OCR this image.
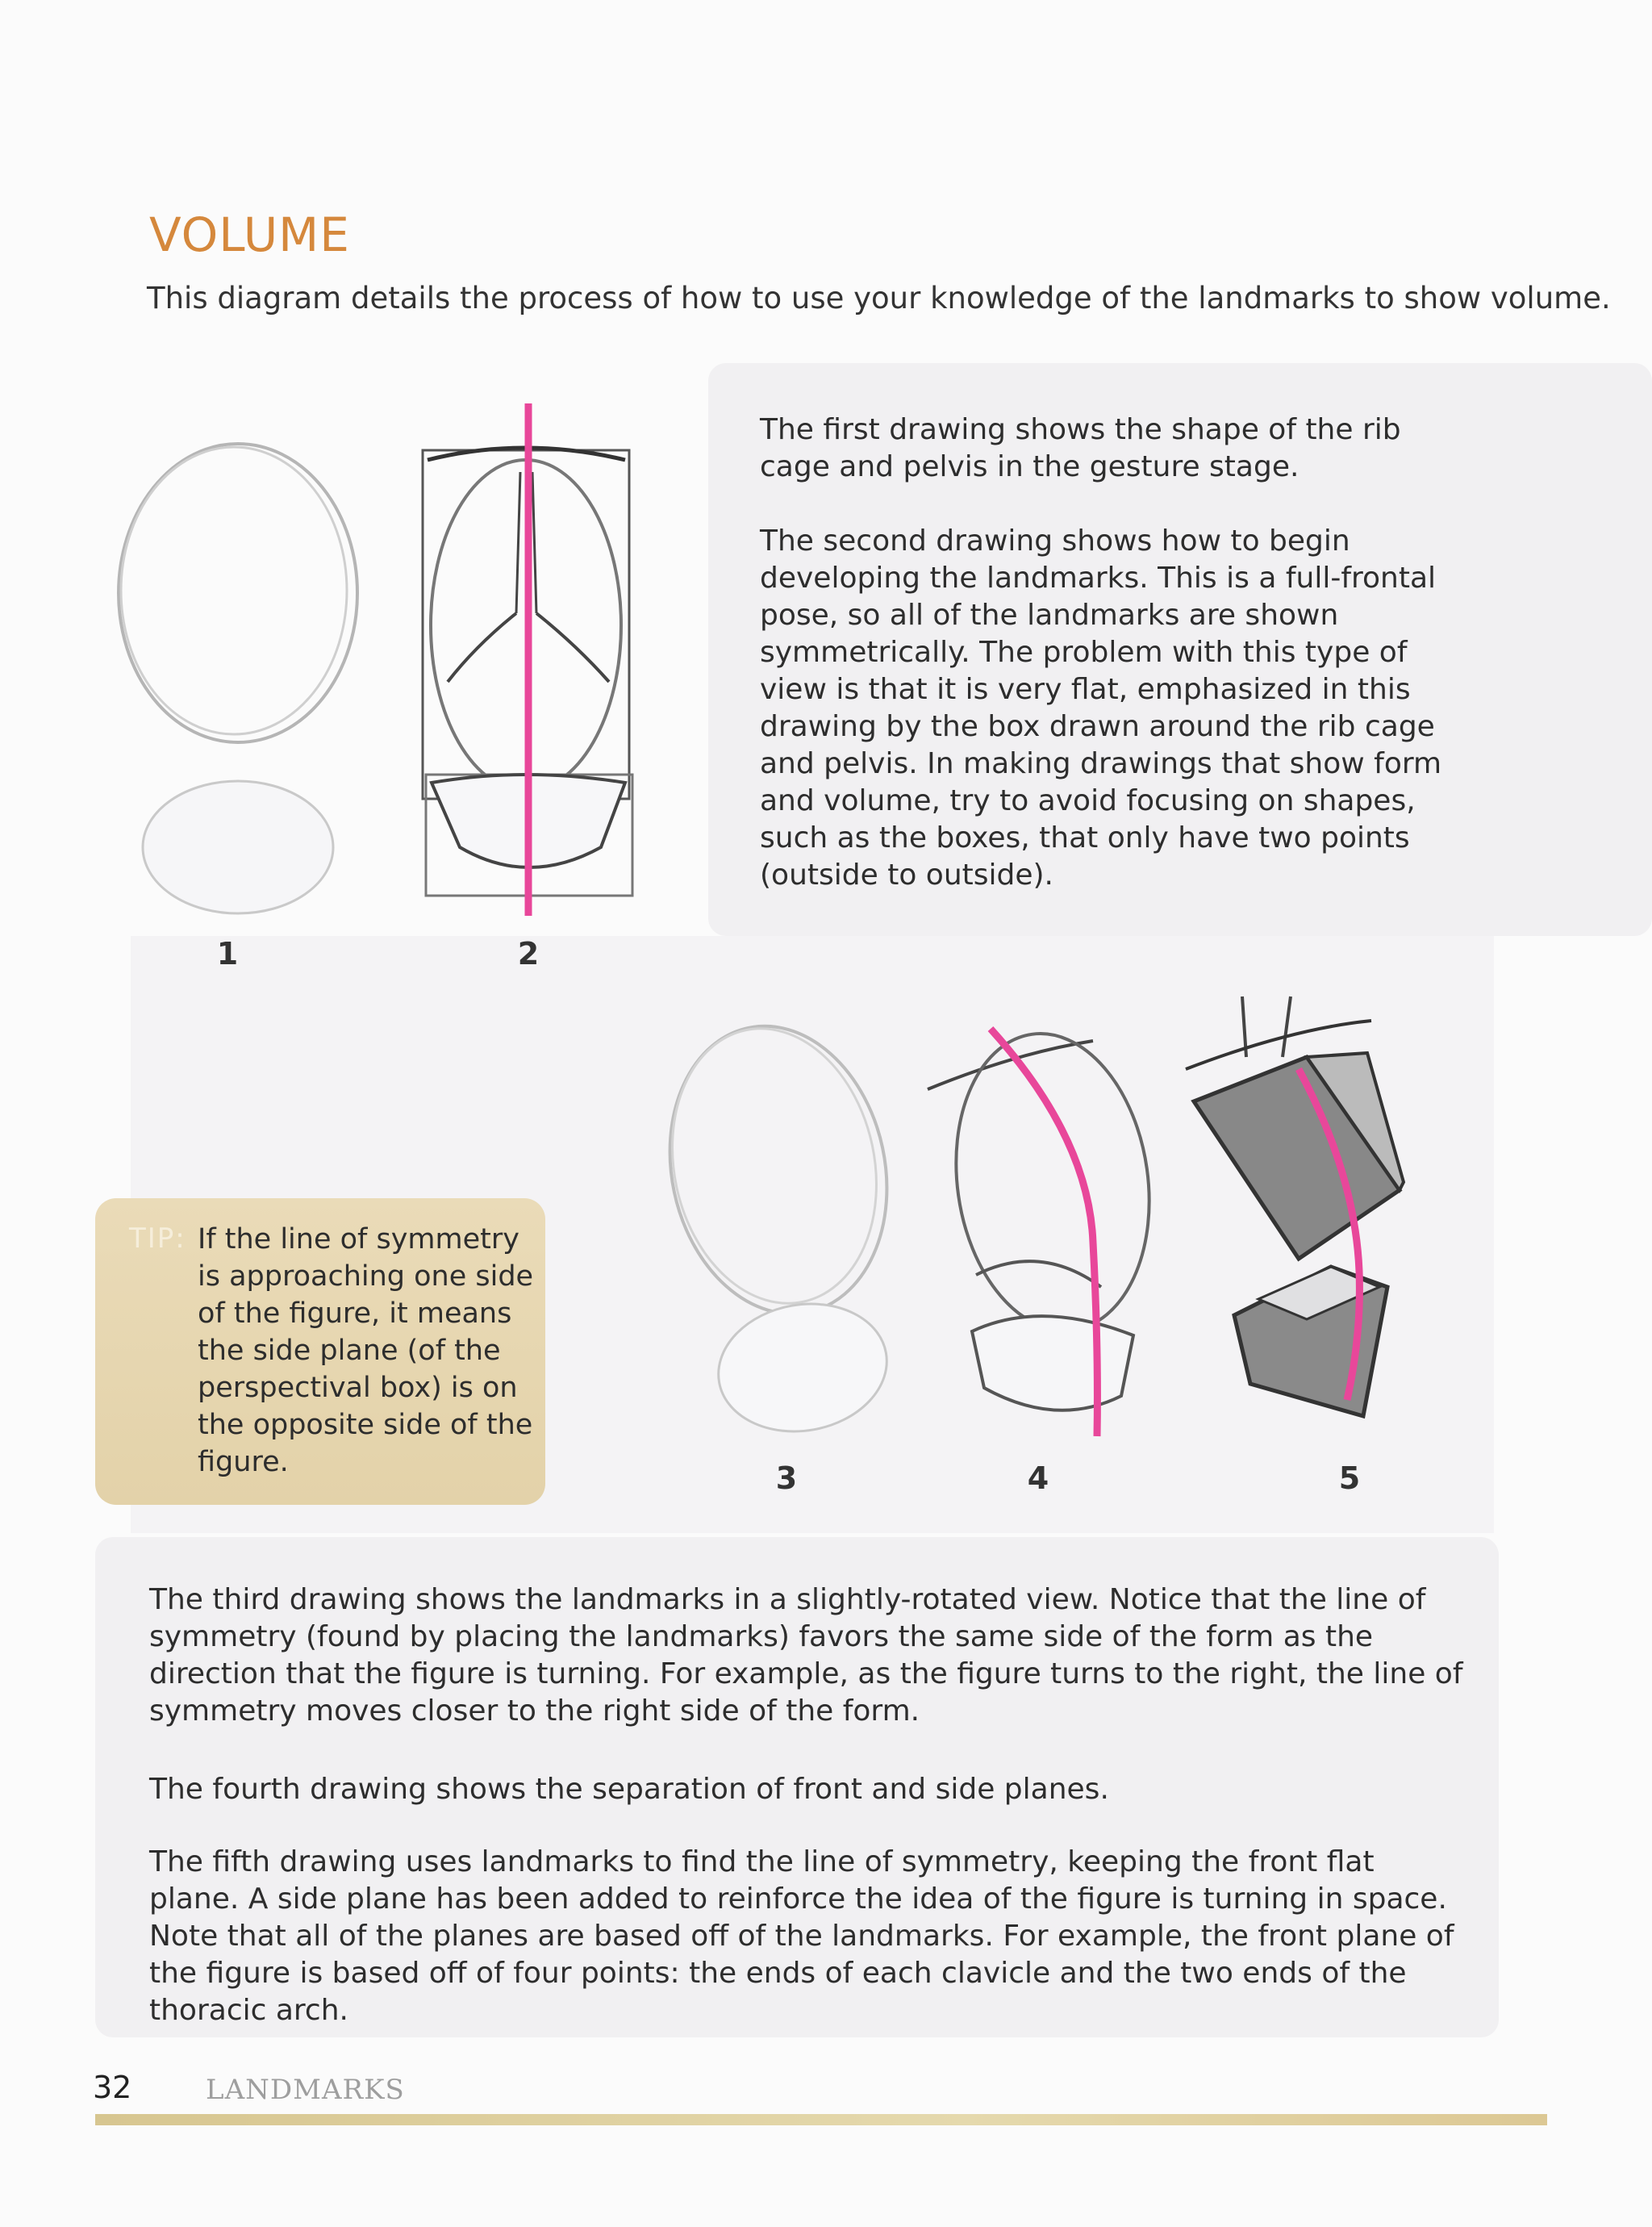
VOLUME
This diagram details the process of how to use your knowledge of the landmarks to show volume.
The first drawing shows the shape of the rib cage and pelvis in the gesture stage.
The second drawing shows how to begin developing the landmarks. This is a full-frontal pose, so all of the landmarks are shown symmetrically. The problem with this type of view is that it is very flat, emphasized in this drawing by the box drawn around the rib cage and pelvis. In making drawings that show form and volume, try to avoid focusing on shapes, such as the boxes, that only have two points (outside to outside).
1	2
3	4	5
TIP: If the line of symmetry is approaching one side of the figure, it means the side plane (of the perspectival box) is on the opposite side of the figure.
The third drawing shows the landmarks in a slightly-rotated view. Notice that the line of symmetry (found by placing the landmarks) favors the same side of the form as the direction that the figure is turning. For example, as the figure turns to the right, the line of symmetry moves closer to the right side of the form.
The fourth drawing shows the separation of front and side planes.
The fifth drawing uses landmarks to find the line of symmetry, keeping the front flat plane. A side plane has been added to reinforce the idea of the figure is turning in space. Note that all of the planes are based off of the landmarks. For example, the front plane of the figure is based off of four points: the ends of each clavicle and the two ends of the thoracic arch.
32	LANDMARKS
